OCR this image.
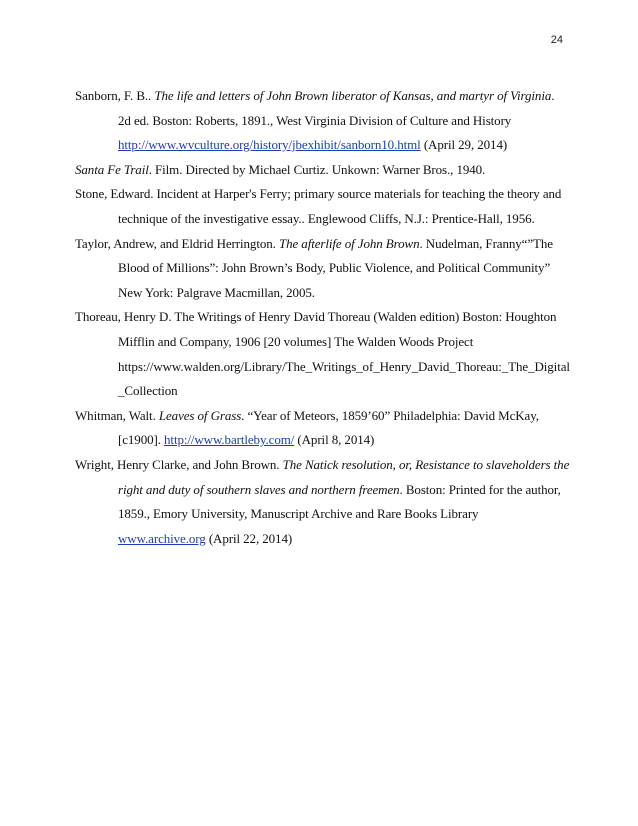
24
Sanborn, F. B.. The life and letters of John Brown liberator of Kansas, and martyr of Virginia.
2d ed. Boston: Roberts, 1891., West Virginia Division of Culture and History
http://www.wvculture.org/history/jbexhibit/sanborn10.html (April 29, 2014)
Santa Fe Trail. Film. Directed by Michael Curtiz. Unkown: Warner Bros., 1940.
Stone, Edward. Incident at Harper's Ferry; primary source materials for teaching the theory and
technique of the investigative essay.. Englewood Cliffs, N.J.: Prentice-Hall, 1956.
Taylor, Andrew, and Eldrid Herrington. The afterlife of John Brown. Nudelman, Franny“”The
Blood of Millions”: John Brown’s Body, Public Violence, and Political Community”
New York: Palgrave Macmillan, 2005.
Thoreau, Henry D. The Writings of Henry David Thoreau (Walden edition) Boston: Houghton
Mifflin and Company, 1906 [20 volumes] The Walden Woods Project
https://www.walden.org/Library/The_Writings_of_Henry_David_Thoreau:_The_Digital
_Collection
Whitman, Walt. Leaves of Grass. “Year of Meteors, 1859’60” Philadelphia: David McKay,
[c1900]. http://www.bartleby.com/ (April 8, 2014)
Wright, Henry Clarke, and John Brown. The Natick resolution, or, Resistance to slaveholders the
right and duty of southern slaves and northern freemen. Boston: Printed for the author,
1859., Emory University, Manuscript Archive and Rare Books Library
www.archive.org (April 22, 2014)
